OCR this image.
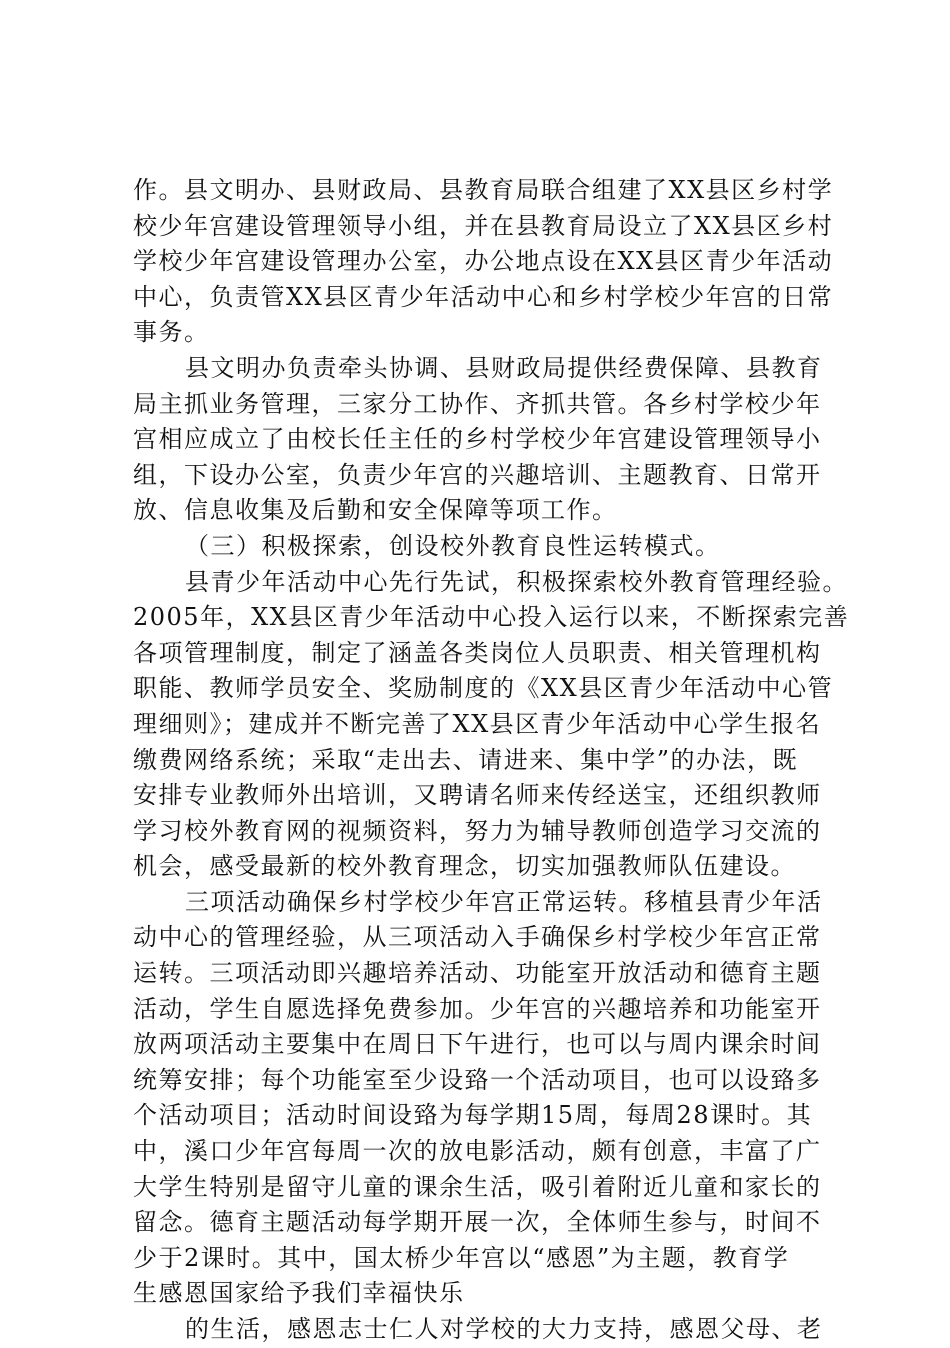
作。县文明办、县财政局、县教育局联合组建了XX县区乡村学
校少年宫建设管理领导小组，并在县教育局设立了XX县区乡村
学校少年宫建设管理办公室，办公地点设在XX县区青少年活动
中心，负责管XX县区青少年活动中心和乡村学校少年宫的日常
事务。
县文明办负责牵头协调、县财政局提供经费保障、县教育
局主抓业务管理，三家分工协作、齐抓共管。各乡村学校少年
宫相应成立了由校长任主任的乡村学校少年宫建设管理领导小
组，下设办公室，负责少年宫的兴趣培训、主题教育、日常开
放、信息收集及后勤和安全保障等项工作。
（三）积极探索，创设校外教育良性运转模式。
县青少年活动中心先行先试，积极探索校外教育管理经验。
2005年，XX县区青少年活动中心投入运行以来，不断探索完善
各项管理制度，制定了涵盖各类岗位人员职责、相关管理机构
职能、教师学员安全、奖励制度的《XX县区青少年活动中心管
理细则》；建成并不断完善了XX县区青少年活动中心学生报名
缴费网络系统；采取“走出去、请进来、集中学”的办法，既
安排专业教师外出培训，又聘请名师来传经送宝，还组织教师
学习校外教育网的视频资料，努力为辅导教师创造学习交流的
机会，感受最新的校外教育理念，切实加强教师队伍建设。
三项活动确保乡村学校少年宫正常运转。移植县青少年活
动中心的管理经验，从三项活动入手确保乡村学校少年宫正常
运转。三项活动即兴趣培养活动、功能室开放活动和德育主题
活动，学生自愿选择免费参加。少年宫的兴趣培养和功能室开
放两项活动主要集中在周日下午进行，也可以与周内课余时间
统筹安排；每个功能室至少设臵一个活动项目，也可以设臵多
个活动项目；活动时间设臵为每学期15周，每周28课时。其
中，溪口少年宫每周一次的放电影活动，颇有创意，丰富了广
大学生特别是留守儿童的课余生活，吸引着附近儿童和家长的
留念。德育主题活动每学期开展一次，全体师生参与，时间不
少于2课时。其中，国太桥少年宫以“感恩”为主题，教育学
生感恩国家给予我们幸福快乐
的生活，感恩志士仁人对学校的大力支持，感恩父母、老
